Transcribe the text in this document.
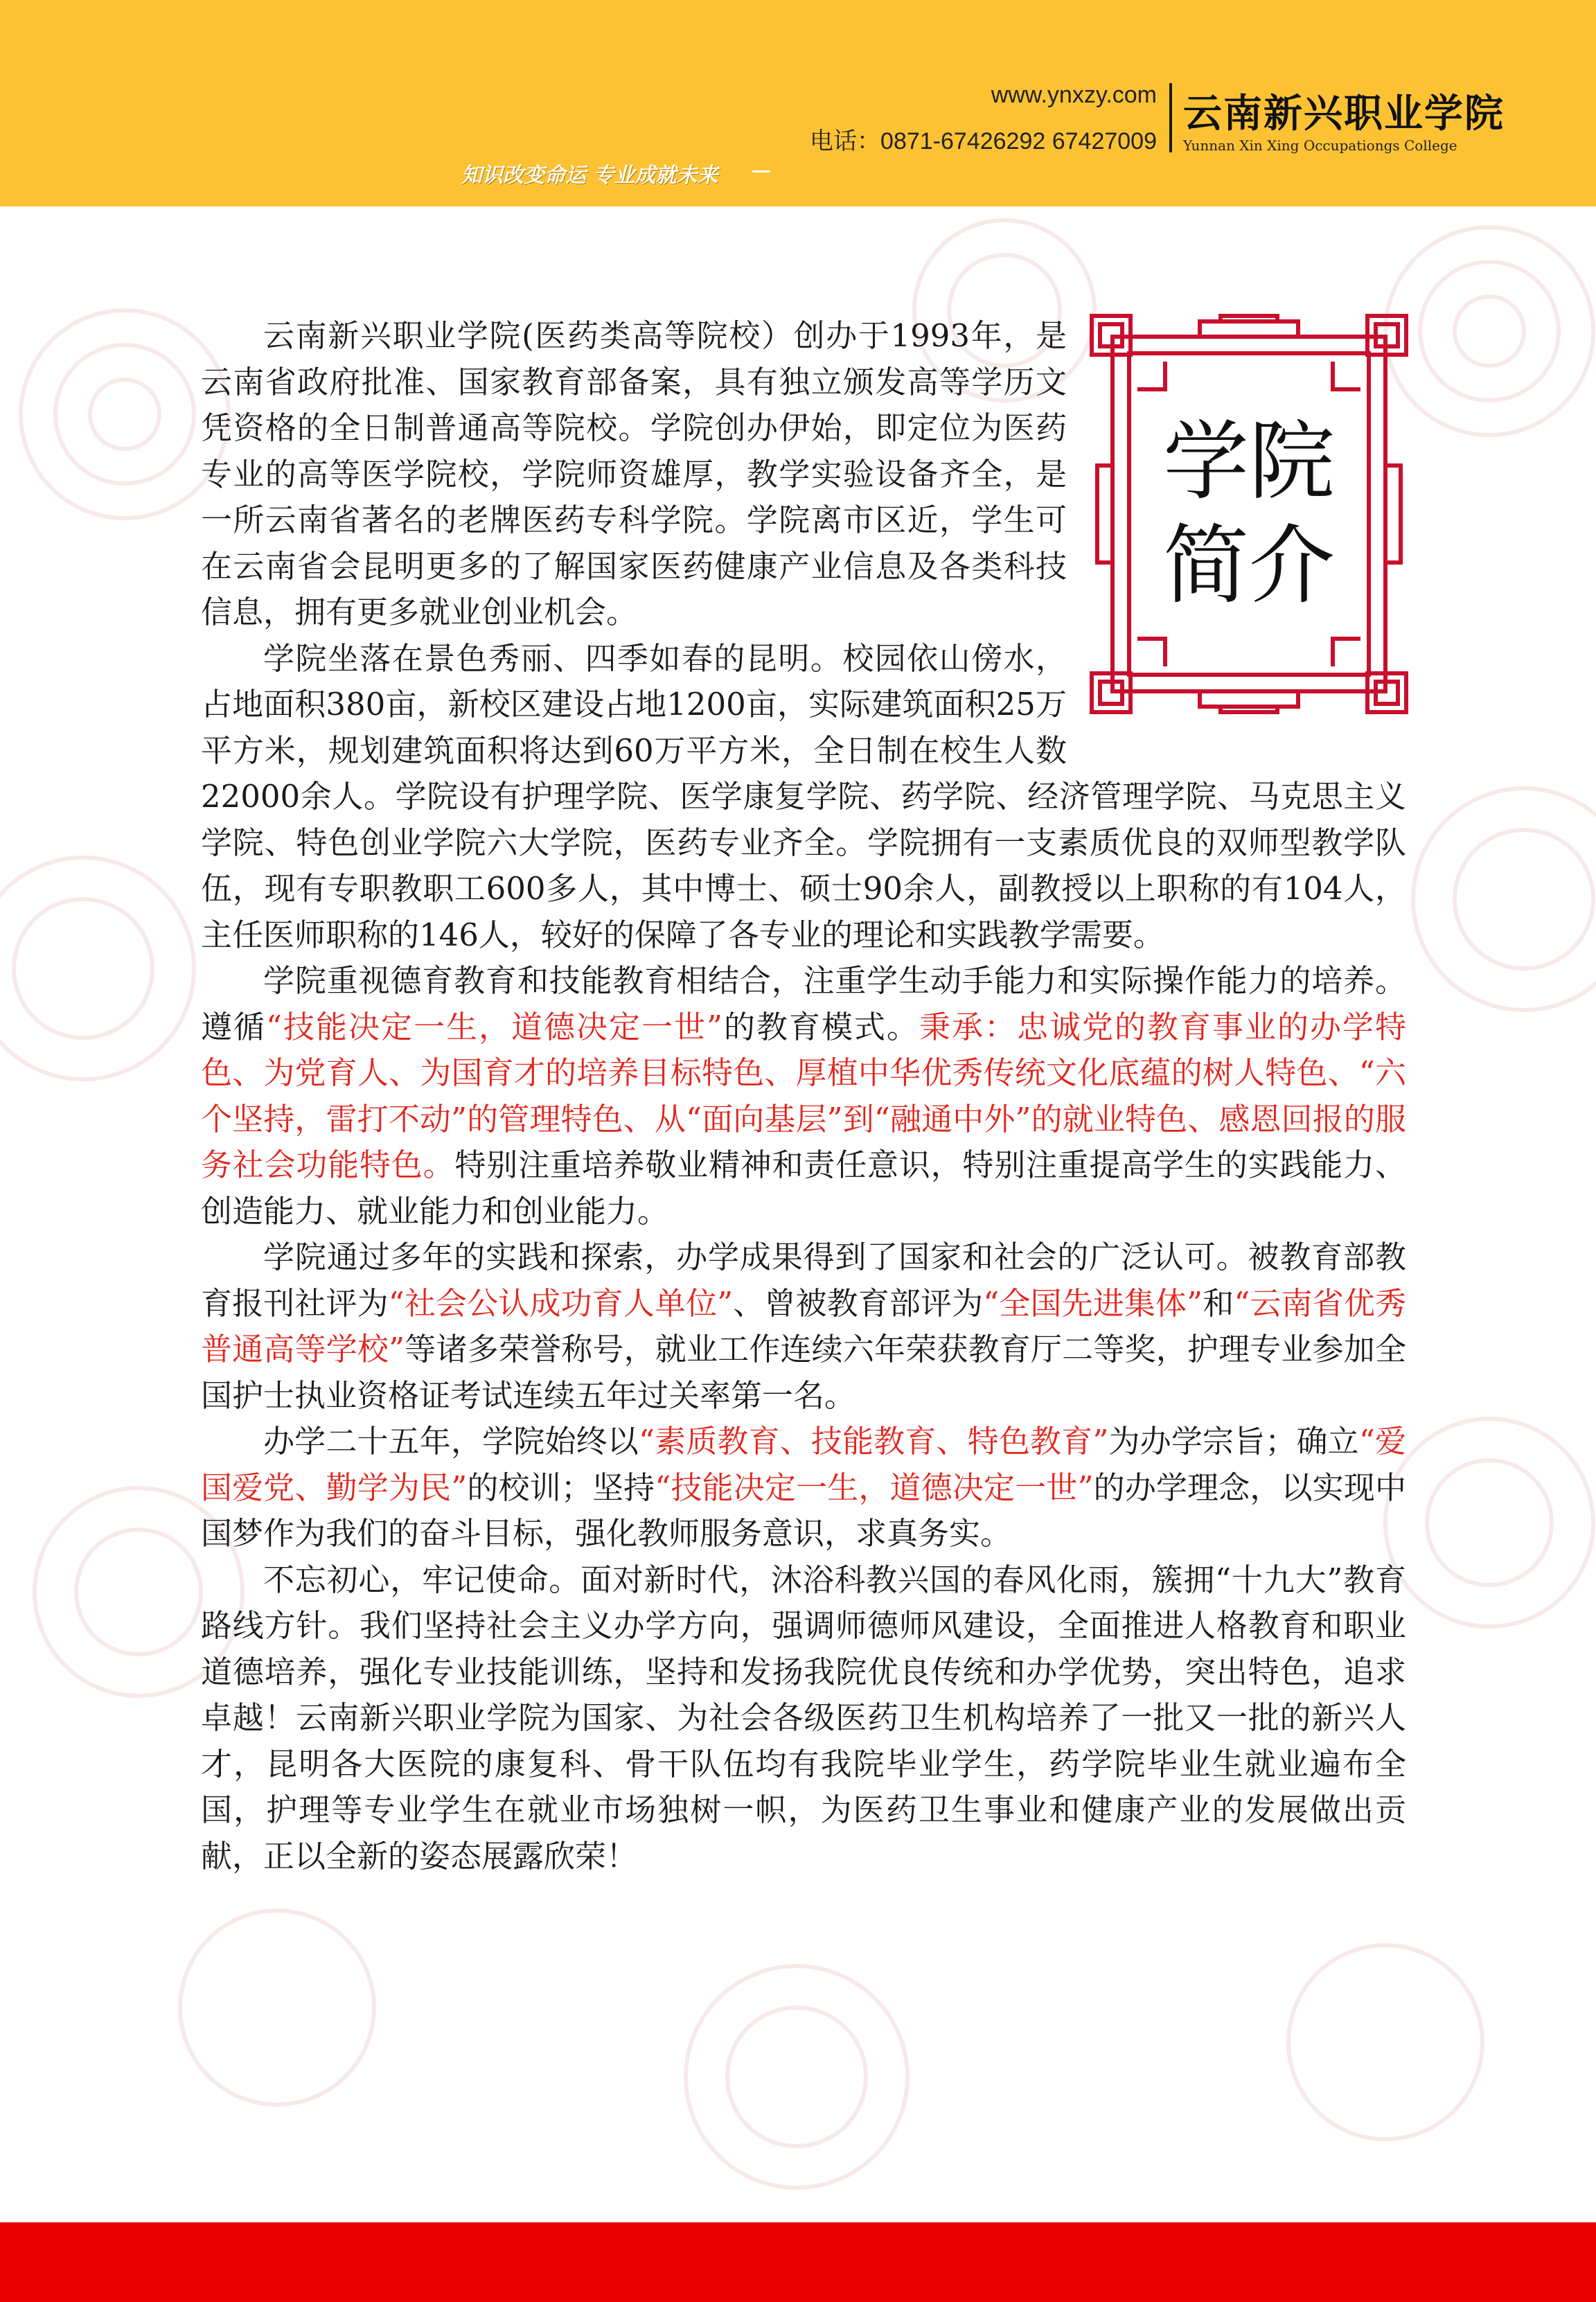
www.ynxzy.com
电话：0871-67426292 67427009
云南新兴职业学院
Yunnan Xin Xing Occupationgs College
知识改变命运 专业成就未来
学院
简介

云南新兴职业学院(医药类高等院校）创办于1993年，是云南省政府批准、国家教育部备案，具有独立颁发高等学历文凭资格的全日制普通高等院校。学院创办伊始，即定位为医药专业的高等医学院校，学院师资雄厚，教学实验设备齐全，是一所云南省著名的老牌医药专科学院。学院离市区近，学生可在云南省会昆明更多的了解国家医药健康产业信息及各类科技信息，拥有更多就业创业机会。

学院坐落在景色秀丽、四季如春的昆明。校园依山傍水，占地面积380亩，新校区建设占地1200亩，实际建筑面积25万平方米，规划建筑面积将达到60万平方米，全日制在校生人数22000余人。学院设有护理学院、医学康复学院、药学院、经济管理学院、马克思主义学院、特色创业学院六大学院，医药专业齐全。学院拥有一支素质优良的双师型教学队伍，现有专职教职工600多人，其中博士、硕士90余人，副教授以上职称的有104人，主任医师职称的146人，较好的保障了各专业的理论和实践教学需要。

学院重视德育教育和技能教育相结合，注重学生动手能力和实际操作能力的培养。遵循“技能决定一生，道德决定一世”的教育模式。秉承：忠诚党的教育事业的办学特色、为党育人、为国育才的培养目标特色、厚植中华优秀传统文化底蕴的树人特色、“六个坚持，雷打不动”的管理特色、从“面向基层”到“融通中外”的就业特色、感恩回报的服务社会功能特色。特别注重培养敬业精神和责任意识，特别注重提高学生的实践能力、创造能力、就业能力和创业能力。

学院通过多年的实践和探索，办学成果得到了国家和社会的广泛认可。被教育部教育报刊社评为“社会公认成功育人单位”、曾被教育部评为“全国先进集体”和“云南省优秀普通高等学校”等诸多荣誉称号，就业工作连续六年荣获教育厅二等奖，护理专业参加全国护士执业资格证考试连续五年过关率第一名。

办学二十五年，学院始终以“素质教育、技能教育、特色教育”为办学宗旨；确立“爱国爱党、勤学为民”的校训；坚持“技能决定一生，道德决定一世”的办学理念，以实现中国梦作为我们的奋斗目标，强化教师服务意识，求真务实。

不忘初心，牢记使命。面对新时代，沐浴科教兴国的春风化雨，簇拥“十九大”教育路线方针。我们坚持社会主义办学方向，强调师德师风建设，全面推进人格教育和职业道德培养，强化专业技能训练，坚持和发扬我院优良传统和办学优势，突出特色，追求卓越！云南新兴职业学院为国家、为社会各级医药卫生机构培养了一批又一批的新兴人才，昆明各大医院的康复科、骨干队伍均有我院毕业学生，药学院毕业生就业遍布全国，护理等专业学生在就业市场独树一帜，为医药卫生事业和健康产业的发展做出贡献，正以全新的姿态展露欣荣！
